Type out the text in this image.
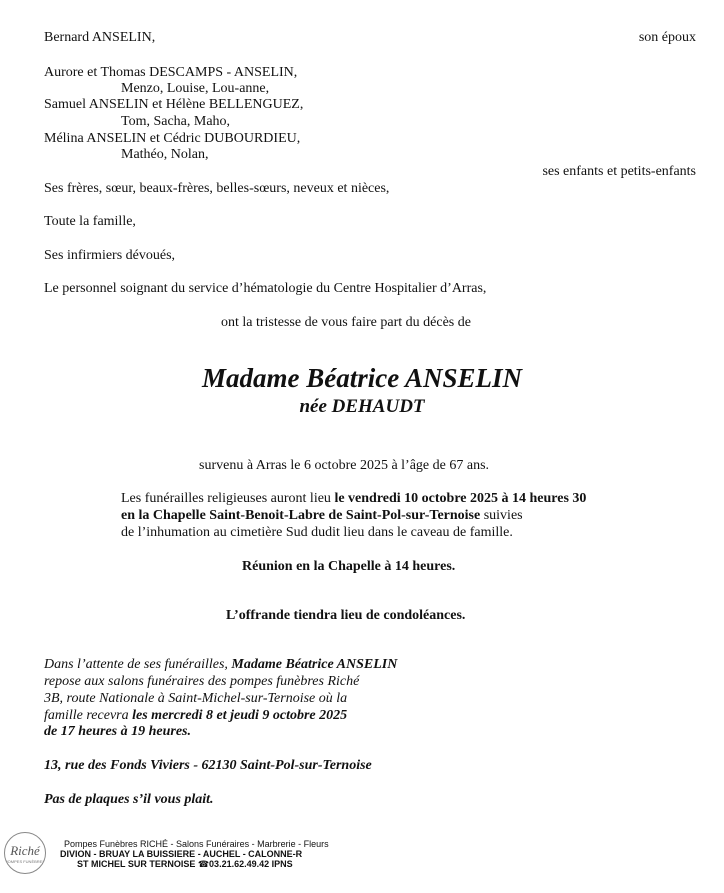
Bernard ANSELIN,	son époux
Aurore et Thomas DESCAMPS - ANSELIN,
Menzo, Louise, Lou-anne,
Samuel ANSELIN et Hélène BELLENGUEZ,
Tom, Sacha, Maho,
Mélina ANSELIN et Cédric DUBOURDIEU,
Mathéo, Nolan,
ses enfants et petits-enfants
Ses frères, sœur, beaux-frères, belles-sœurs, neveux et nièces,
Toute la famille,
Ses infirmiers dévoués,
Le personnel soignant du service d’hématologie du Centre Hospitalier d’Arras,
ont la tristesse de vous faire part du décès de
Madame Béatrice ANSELIN
née DEHAUDT
survenu à Arras le 6 octobre 2025 à l’âge de 67 ans.
Les funérailles religieuses auront lieu le vendredi 10 octobre 2025 à 14 heures 30
en la Chapelle Saint-Benoit-Labre de Saint-Pol-sur-Ternoise suivies
de l’inhumation au cimetière Sud dudit lieu dans le caveau de famille.
Réunion en la Chapelle à 14 heures.
L’offrande tiendra lieu de condoléances.
Dans l’attente de ses funérailles, Madame Béatrice ANSELIN
repose aux salons funéraires des pompes funèbres Riché
3B, route Nationale à Saint-Michel-sur-Ternoise où la
famille recevra les mercredi 8 et jeudi 9 octobre 2025
de 17 heures à 19 heures.
13, rue des Fonds Viviers - 62130 Saint-Pol-sur-Ternoise
Pas de plaques s’il vous plait.
Riché
POMPES FUNÈBRES
Pompes Funèbres RICHÉ - Salons Funéraires - Marbrerie - Fleurs
DIVION - BRUAY LA BUISSIERE - AUCHEL - CALONNE-R
ST MICHEL SUR TERNOISE ☎03.21.62.49.42 IPNS
